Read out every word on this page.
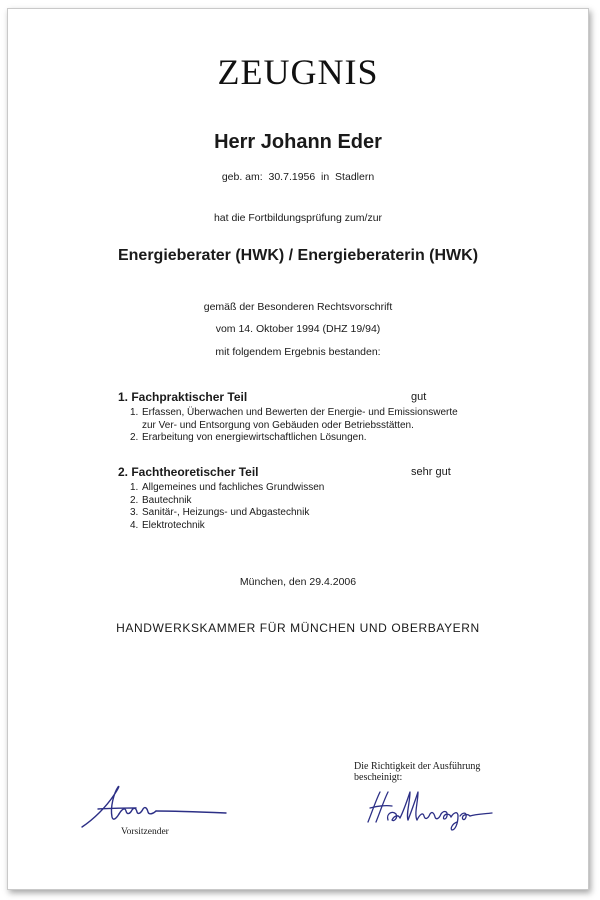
ZEUGNIS
Herr Johann Eder
geb. am:  30.7.1956  in  Stadlern
hat die Fortbildungsprüfung zum/zur
Energieberater (HWK) / Energieberaterin (HWK)
gemäß der Besonderen Rechtsvorschrift
vom 14. Oktober 1994 (DHZ 19/94)
mit folgendem Ergebnis bestanden:
1. Fachpraktischer Teil	gut
1. Erfassen, Überwachen und Bewerten der Energie- und Emissionswerte zur Ver- und Entsorgung von Gebäuden oder Betriebsstätten.
2. Erarbeitung von energiewirtschaftlichen Lösungen.
2. Fachtheoretischer Teil	sehr gut
1. Allgemeines und fachliches Grundwissen
2. Bautechnik
3. Sanitär-, Heizungs- und Abgastechnik
4. Elektrotechnik
München, den 29.4.2006
HANDWERKSKAMMER FÜR MÜNCHEN UND OBERBAYERN
Die Richtigkeit der Ausführung
bescheinigt:
Vorsitzender
